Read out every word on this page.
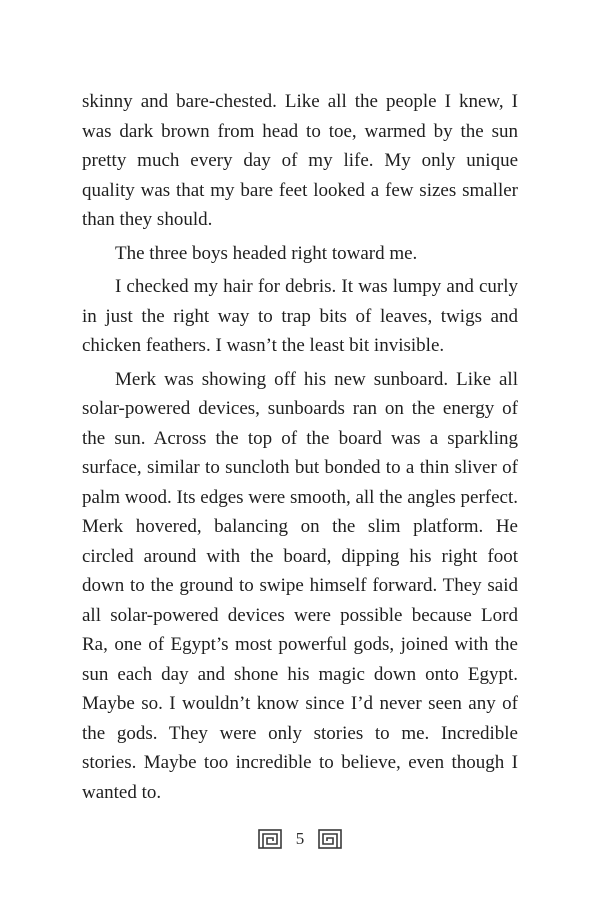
skinny and bare-chested. Like all the people I knew, I was dark brown from head to toe, warmed by the sun pretty much every day of my life. My only unique quality was that my bare feet looked a few sizes smaller than they should.

The three boys headed right toward me.

I checked my hair for debris. It was lumpy and curly in just the right way to trap bits of leaves, twigs and chicken feathers. I wasn’t the least bit invisible.

Merk was showing off his new sunboard. Like all solar-powered devices, sunboards ran on the energy of the sun. Across the top of the board was a sparkling surface, similar to suncloth but bonded to a thin sliver of palm wood. Its edges were smooth, all the angles perfect. Merk hovered, balancing on the slim platform. He circled around with the board, dipping his right foot down to the ground to swipe himself forward. They said all solar-powered devices were possible because Lord Ra, one of Egypt’s most powerful gods, joined with the sun each day and shone his magic down onto Egypt. Maybe so. I wouldn’t know since I’d never seen any of the gods. They were only stories to me. Incredible stories. Maybe too incredible to believe, even though I wanted to.

5
